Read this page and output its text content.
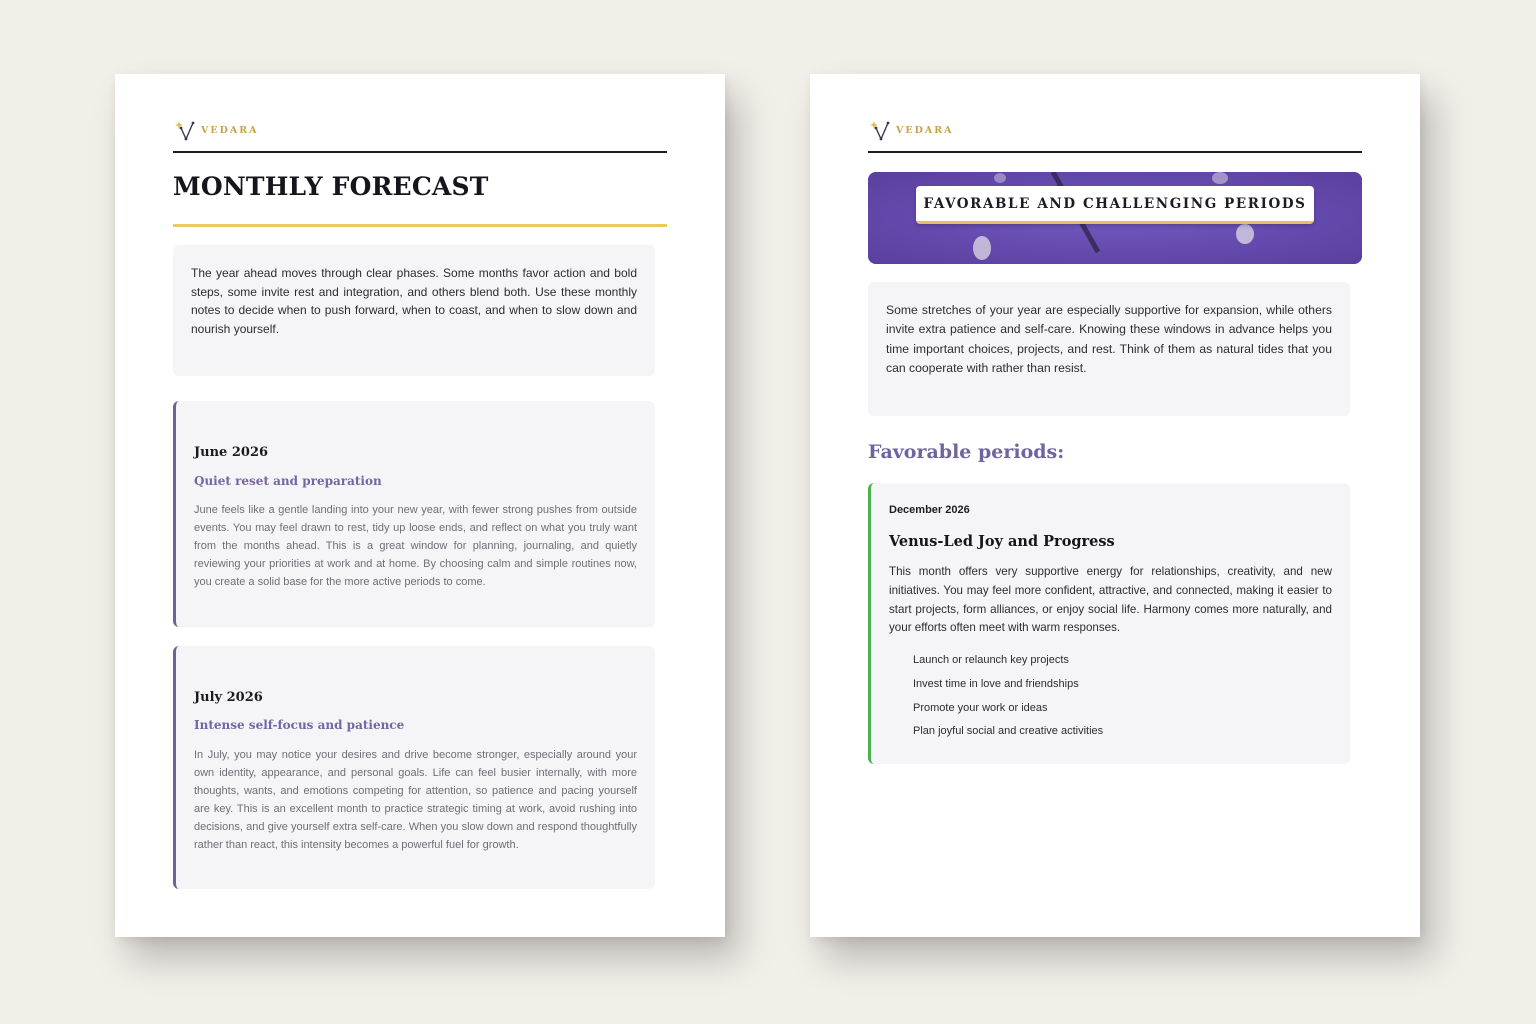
VEDARA
MONTHLY FORECAST

The year ahead moves through clear phases. Some months favor action and bold steps, some invite rest and integration, and others blend both. Use these monthly notes to decide when to push forward, when to coast, and when to slow down and nourish yourself.

June 2026
Quiet reset and preparation
June feels like a gentle landing into your new year, with fewer strong pushes from outside events. You may feel drawn to rest, tidy up loose ends, and reflect on what you truly want from the months ahead. This is a great window for planning, journaling, and quietly reviewing your priorities at work and at home. By choosing calm and simple routines now, you create a solid base for the more active periods to come.
July 2026
Intense self-focus and patience
In July, you may notice your desires and drive become stronger, especially around your own identity, appearance, and personal goals. Life can feel busier internally, with more thoughts, wants, and emotions competing for attention, so patience and pacing yourself are key. This is an excellent month to practice strategic timing at work, avoid rushing into decisions, and give yourself extra self-care. When you slow down and respond thoughtfully rather than react, this intensity becomes a powerful fuel for growth.
VEDARA
FAVORABLE AND CHALLENGING PERIODS

Some stretches of your year are especially supportive for expansion, while others invite extra patience and self-care. Knowing these windows in advance helps you time important choices, projects, and rest. Think of them as natural tides that you can cooperate with rather than resist.

Favorable periods:
December 2026
Venus-Led Joy and Progress
This month offers very supportive energy for relationships, creativity, and new initiatives. You may feel more confident, attractive, and connected, making it easier to start projects, form alliances, or enjoy social life. Harmony comes more naturally, and your efforts often meet with warm responses.
Launch or relaunch key projects
Invest time in love and friendships
Promote your work or ideas
Plan joyful social and creative activities
